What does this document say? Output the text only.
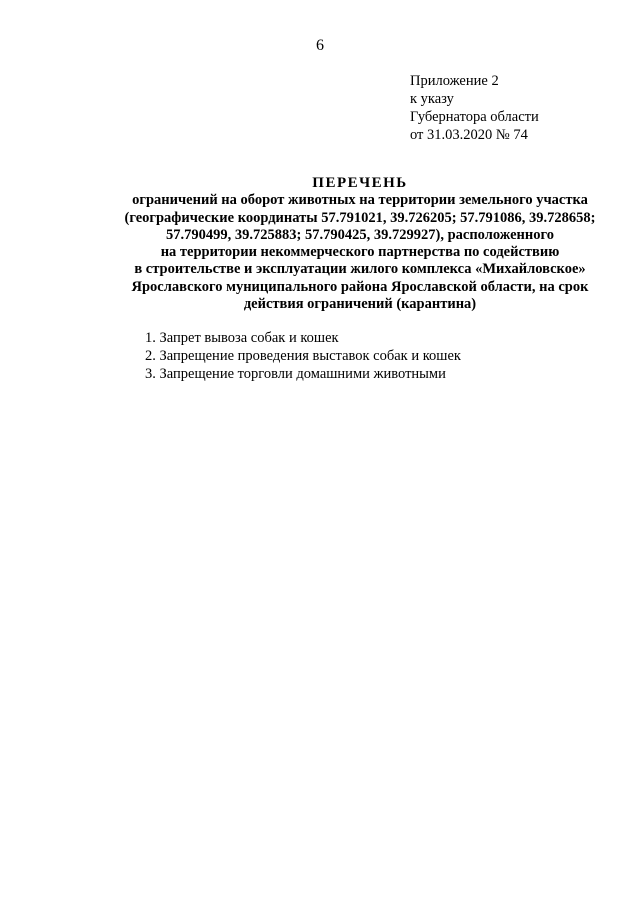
6
Приложение 2
к указу
Губернатора области
от 31.03.2020 № 74
ПЕРЕЧЕНЬ
ограничений на оборот животных на территории земельного участка
(географические координаты 57.791021, 39.726205; 57.791086, 39.728658;
57.790499, 39.725883; 57.790425, 39.729927), расположенного
на территории некоммерческого партнерства по содействию
в строительстве и эксплуатации жилого комплекса «Михайловское»
Ярославского муниципального района Ярославской области, на срок
действия ограничений (карантина)
1. Запрет вывоза собак и кошек
2. Запрещение проведения выставок собак и кошек
3. Запрещение торговли домашними животными
